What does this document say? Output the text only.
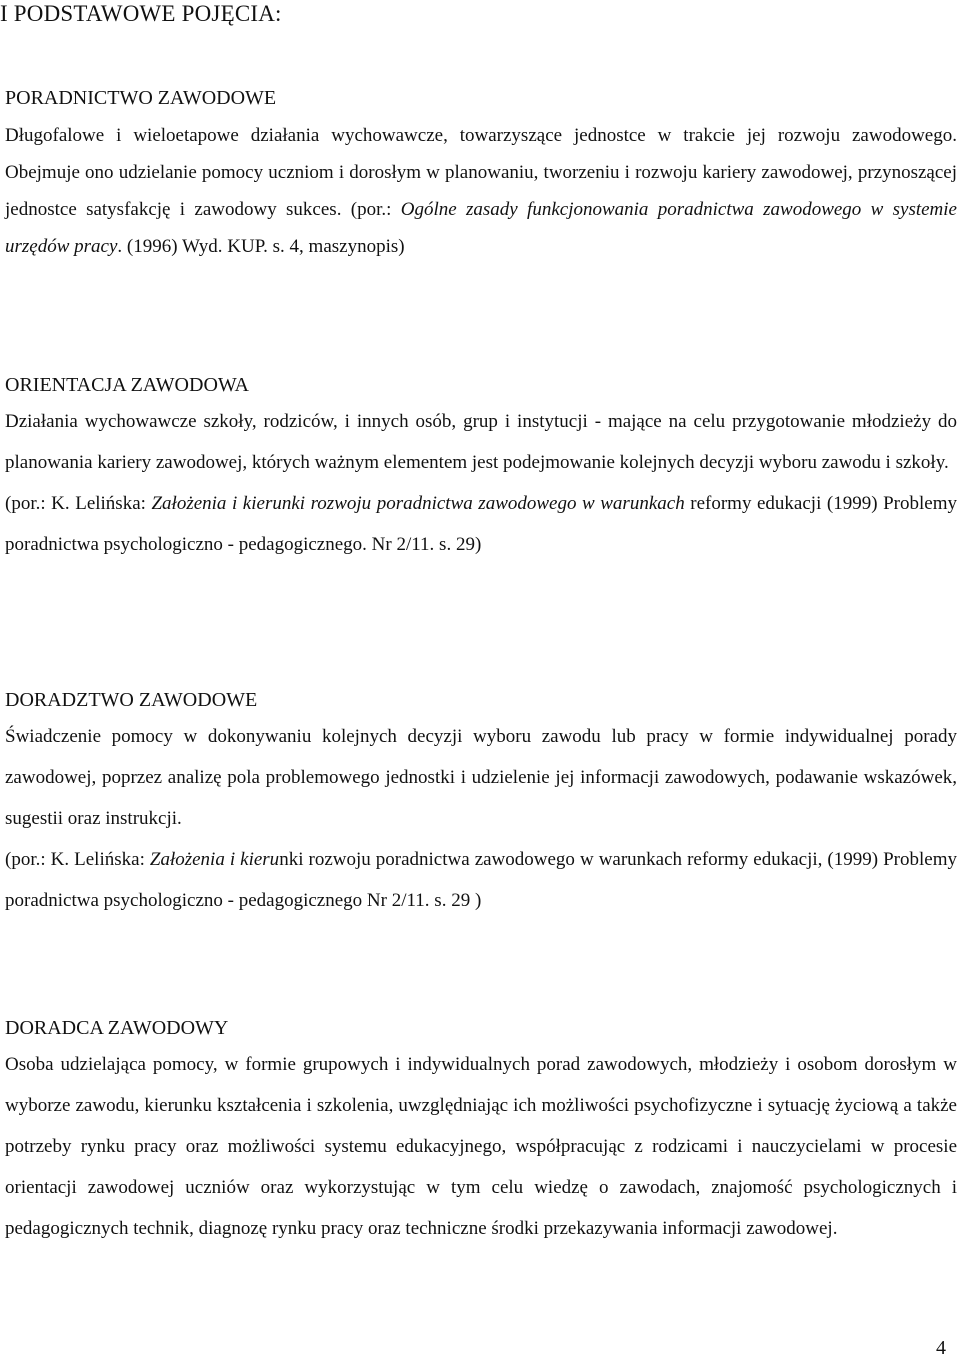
I PODSTAWOWE POJĘCIA:
PORADNICTWO ZAWODOWE

Długofalowe i wieloetapowe działania wychowawcze, towarzyszące jednostce w trakcie jej rozwoju zawodowego. Obejmuje ono udzielanie pomocy uczniom i dorosłym w planowaniu, tworzeniu i rozwoju kariery zawodowej, przynoszącej jednostce satysfakcję i zawodowy sukces. (por.: Ogólne zasady funkcjonowania poradnictwa zawodowego w systemie urzędów pracy. (1996) Wyd. KUP. s. 4, maszynopis)

ORIENTACJA ZAWODOWA

Działania wychowawcze szkoły, rodziców, i innych osób, grup i instytucji - mające na celu przygotowanie młodzieży do planowania kariery zawodowej, których ważnym elementem jest podejmowanie kolejnych decyzji wyboru zawodu i szkoły.

(por.: K. Lelińska: Założenia i kierunki rozwoju poradnictwa zawodowego w warunkach reformy edukacji (1999) Problemy poradnictwa psychologiczno - pedagogicznego. Nr 2/11. s. 29)

DORADZTWO ZAWODOWE

Świadczenie pomocy w dokonywaniu kolejnych decyzji wyboru zawodu lub pracy w formie indywidualnej porady zawodowej, poprzez analizę pola problemowego jednostki i udzielenie jej informacji zawodowych, podawanie wskazówek, sugestii oraz instrukcji.

(por.: K. Lelińska: Założenia i kierunki rozwoju poradnictwa zawodowego w warunkach reformy edukacji, (1999) Problemy poradnictwa psychologiczno - pedagogicznego Nr 2/11. s. 29 )

DORADCA ZAWODOWY

Osoba udzielająca pomocy, w formie grupowych i indywidualnych porad zawodowych, młodzieży i osobom dorosłym w wyborze zawodu, kierunku kształcenia i szkolenia, uwzględniając ich możliwości psychofizyczne i sytuację życiową a także potrzeby rynku pracy oraz możliwości systemu edukacyjnego, współpracując z rodzicami i nauczycielami w procesie orientacji zawodowej uczniów oraz wykorzystując w tym celu wiedzę o zawodach, znajomość psychologicznych i pedagogicznych technik, diagnozę rynku pracy oraz techniczne środki przekazywania informacji zawodowej.

4
